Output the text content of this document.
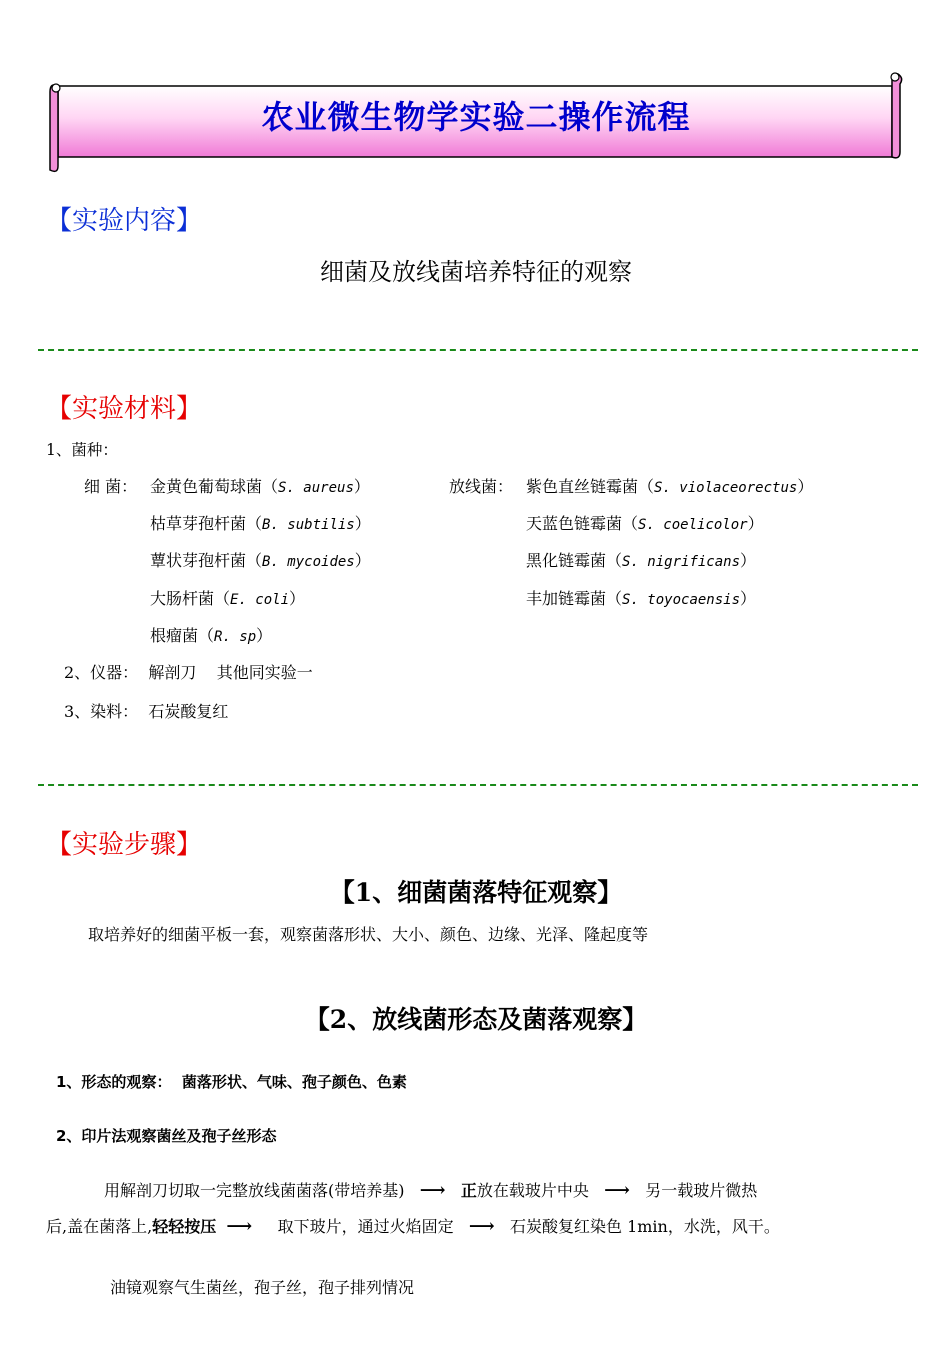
农业微生物学实验二操作流程
【实验内容】
细菌及放线菌培养特征的观察
【实验材料】
1、菌种：
细 菌： 金黄色葡萄球菌（S. aureus）
枯草芽孢杆菌（B. subtilis）
蕈状芽孢杆菌（B. mycoides）
大肠杆菌（E. coli）
根瘤菌（R. sp）
放线菌： 紫色直丝链霉菌（S. violaceorectus）
天蓝色链霉菌（S. coelicolor）
黑化链霉菌（S. nigrificans）
丰加链霉菌（S. toyocaensis）
2、仪器： 解剖刀 其他同实验一
3、染料： 石炭酸复红
【实验步骤】
【1、细菌菌落特征观察】
取培养好的细菌平板一套，观察菌落形状、大小、颜色、边缘、光泽、隆起度等
【2、放线菌形态及菌落观察】
1、形态的观察： 菌落形状、气味、孢子颜色、色素
2、印片法观察菌丝及孢子丝形态
用解剖刀切取一完整放线菌菌落(带培养基) ⟶ 正放在载玻片中央 ⟶ 另一载玻片微热
后,盖在菌落上,轻轻按压 ⟶ 取下玻片，通过火焰固定 ⟶ 石炭酸复红染色 1min，水洗，风干。
油镜观察气生菌丝，孢子丝，孢子排列情况
